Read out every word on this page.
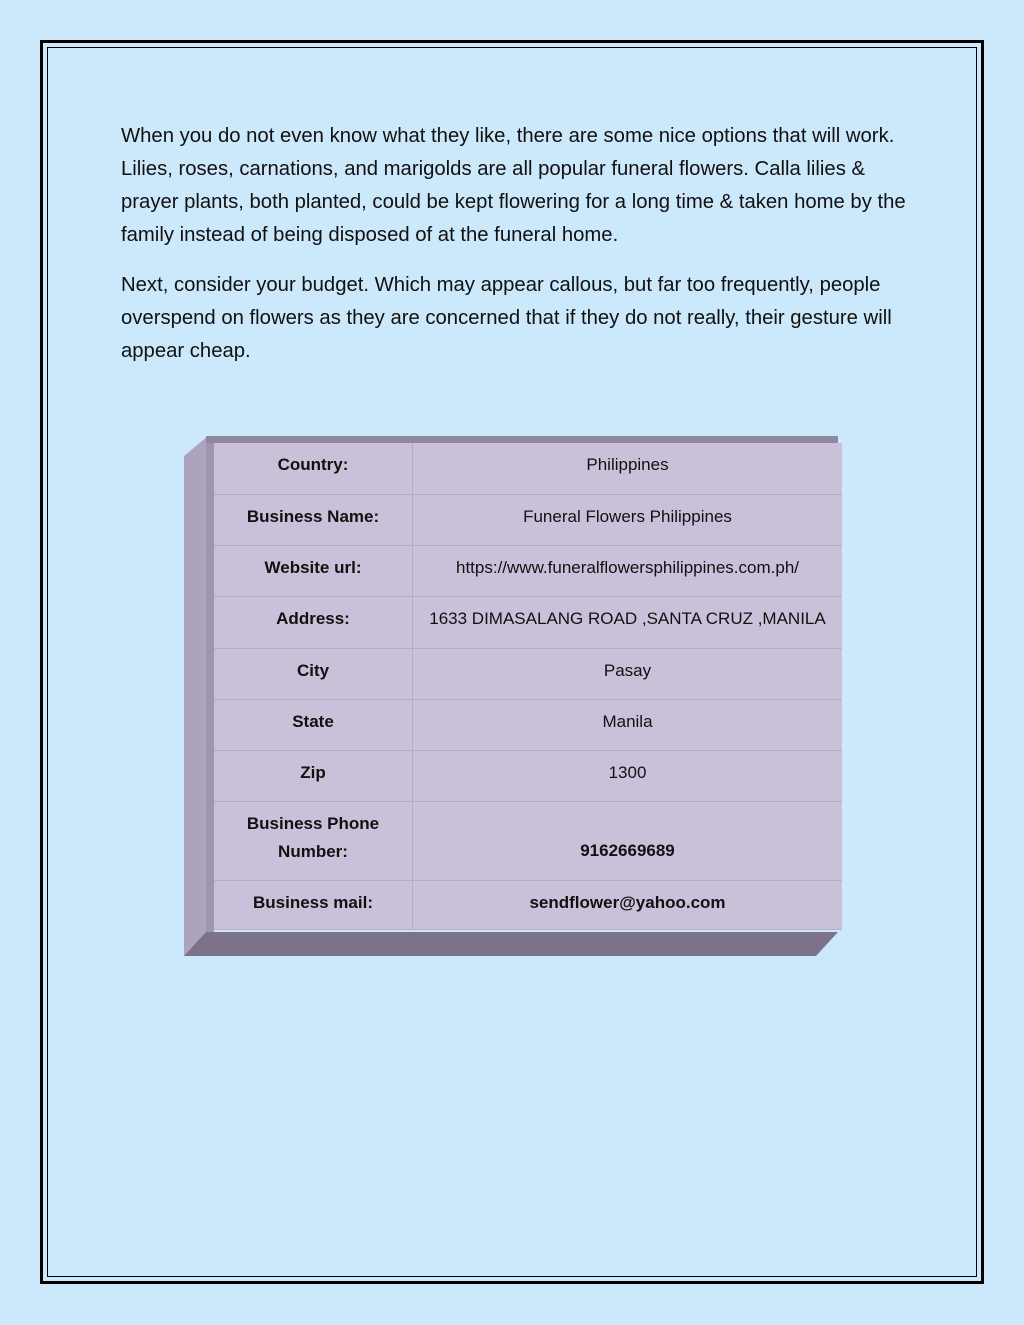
When you do not even know what they like, there are some nice options that will work. Lilies, roses, carnations, and marigolds are all popular funeral flowers. Calla lilies & prayer plants, both planted, could be kept flowering for a long time & taken home by the family instead of being disposed of at the funeral home.

Next, consider your budget. Which may appear callous, but far too frequently, people overspend on flowers as they are concerned that if they do not really, their gesture will appear cheap.

Country:	Philippines
Business Name:	Funeral Flowers Philippines
Website url:	https://www.funeralflowersphilippines.com.ph/
Address:	1633 DIMASALANG ROAD ,SANTA CRUZ ,MANILA
City	Pasay
State	Manila
Zip	1300
Business Phone Number:	9162669689
Business mail:	sendflower@yahoo.com
